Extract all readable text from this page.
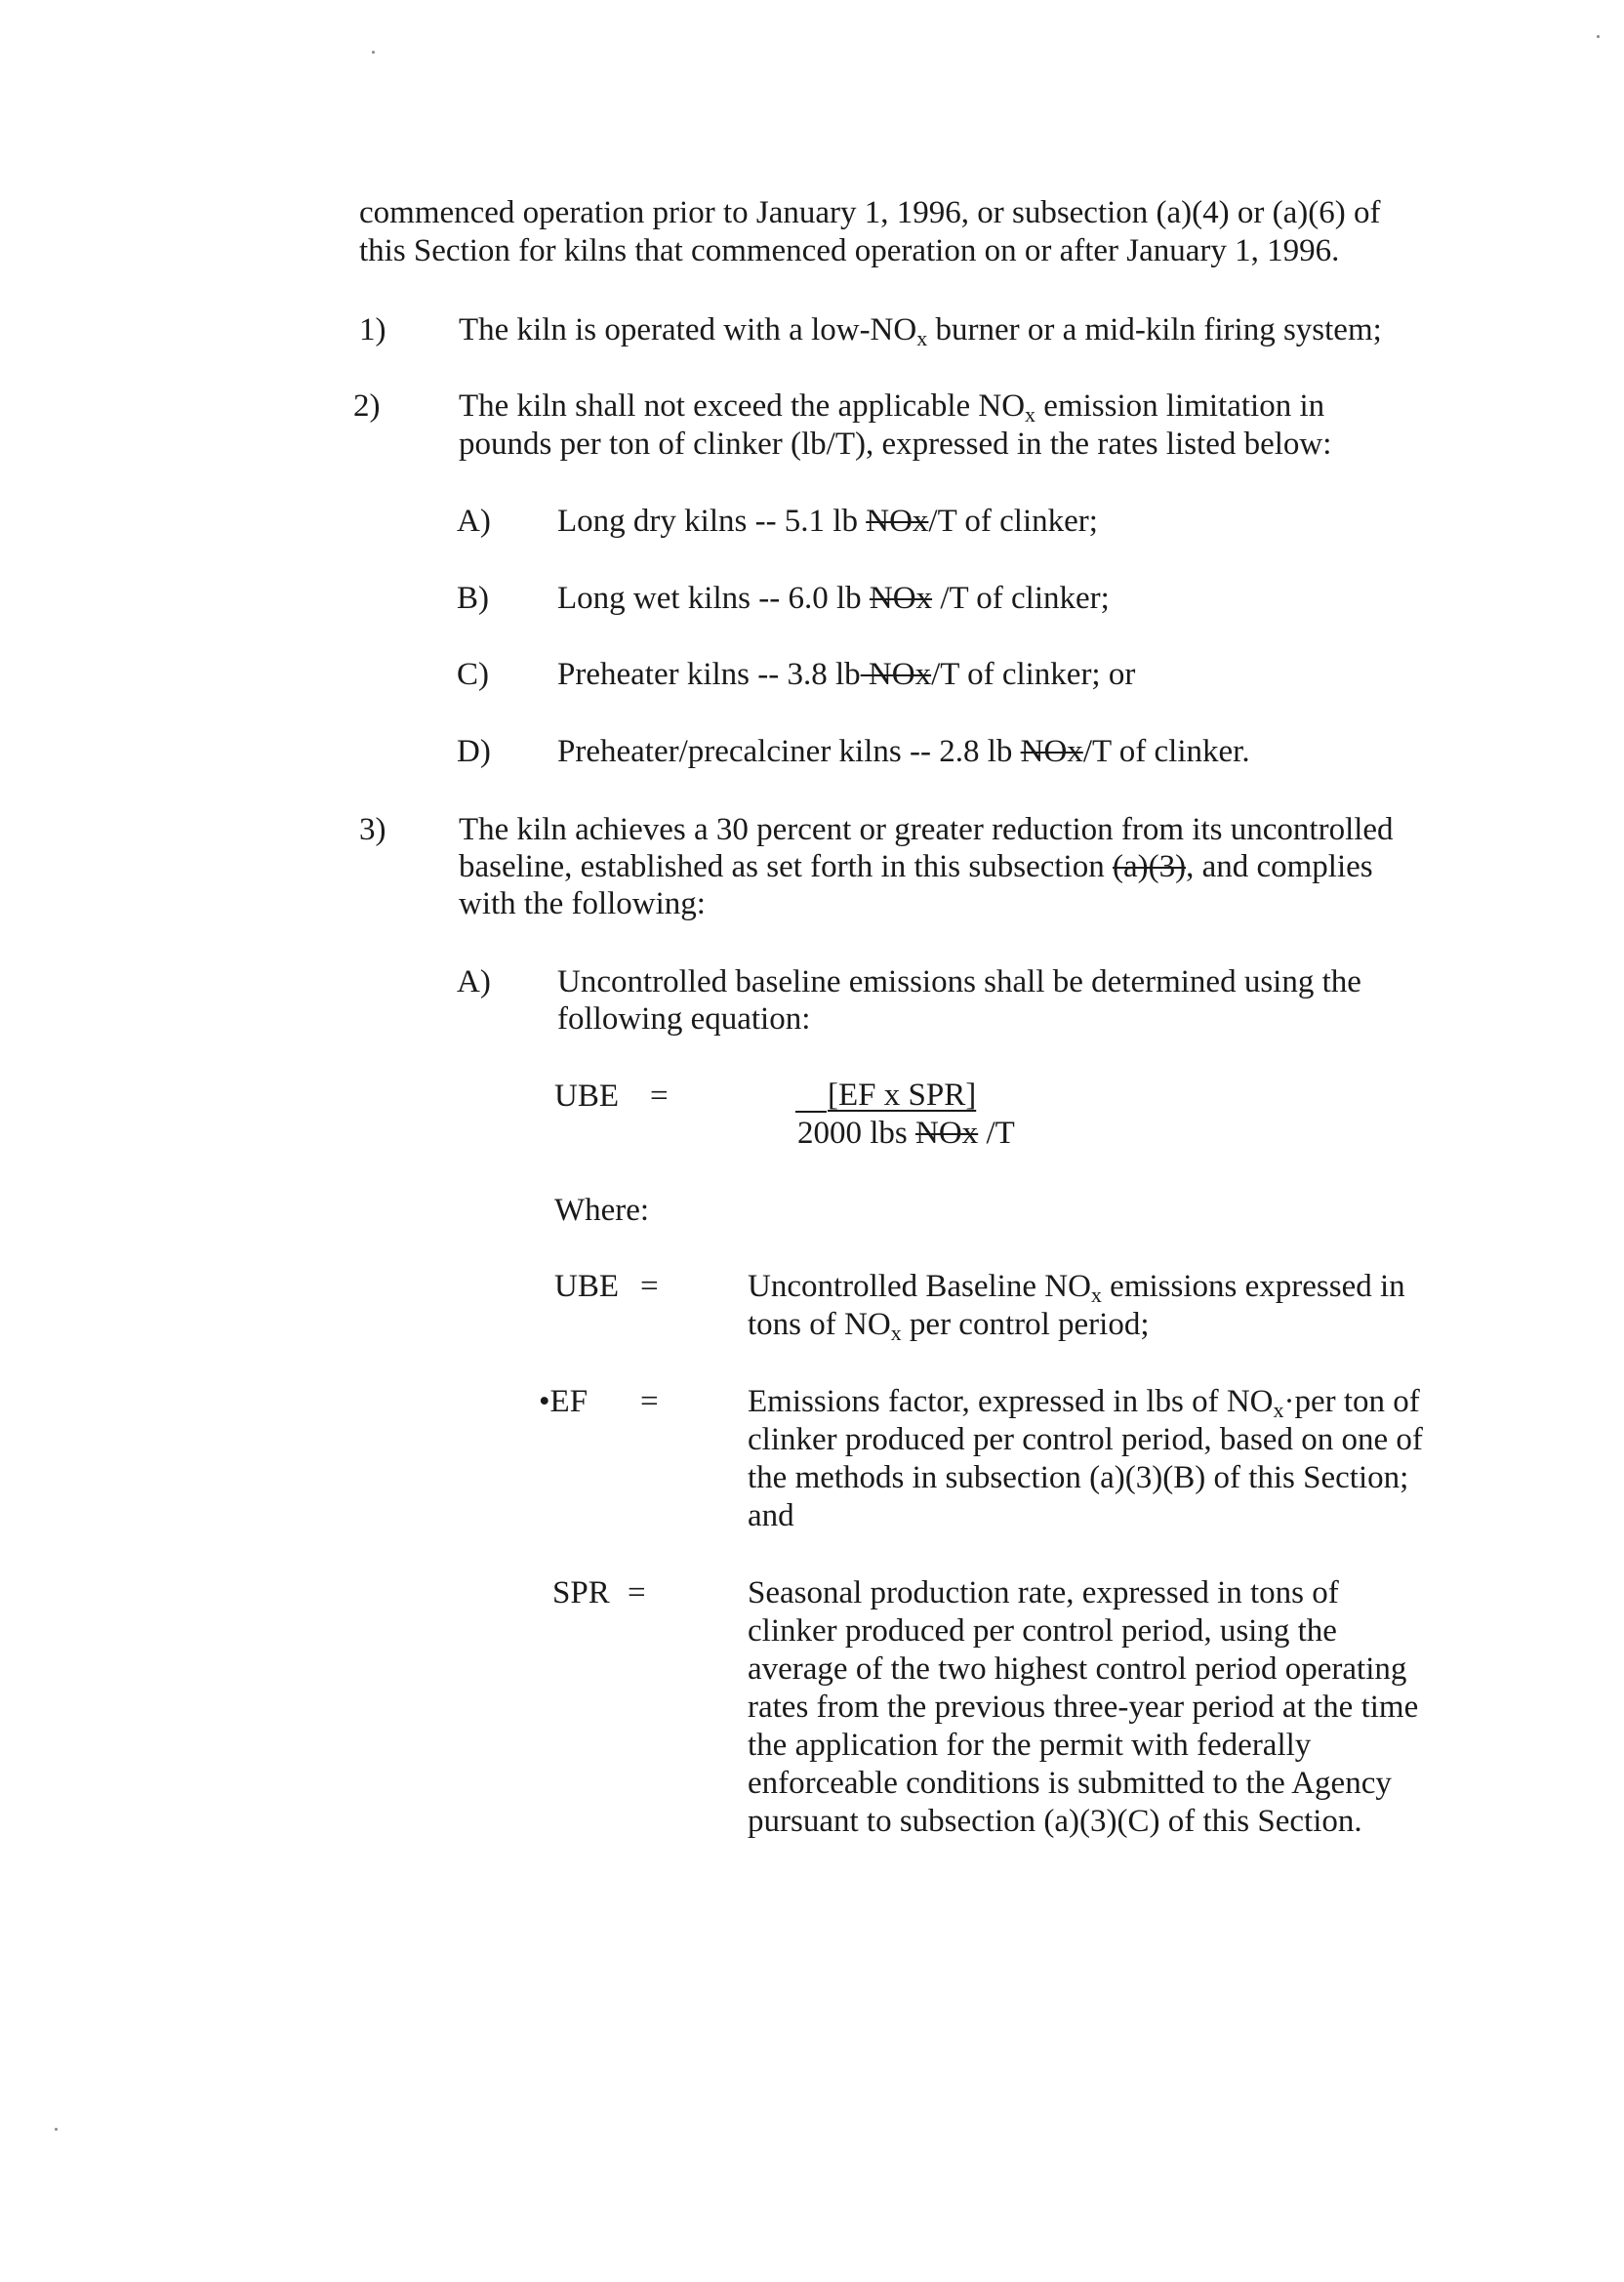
commenced operation prior to January 1, 1996, or subsection (a)(4) or (a)(6) of
this Section for kilns that commenced operation on or after January 1, 1996.
1) The kiln is operated with a low-$NO_x$ burner or a mid-kiln firing system;
2) The kiln shall not exceed the applicable $NO_x$ emission limitation in
pounds per ton of clinker (lb/T), expressed in the rates listed below:
A) Long dry kilns -- 5.1 lb NOx/T of clinker;
B) Long wet kilns -- 6.0 lb NOx /T of clinker;
C) Preheater kilns -- 3.8 lb NOx/T of clinker; or
D) Preheater/precalciner kilns -- 2.8 lb NOx/T of clinker.
3) The kiln achieves a 30 percent or greater reduction from its uncontrolled
baseline, established as set forth in this subsection (a)(3), and complies
with the following:
A) Uncontrolled baseline emissions shall be determined using the
following equation:
UBE =	[EF x SPR]
2000 lbs NOx /T
Where:
UBE =	Uncontrolled Baseline $NO_x$ emissions expressed in
tons of $NO_x$ per control period;
•EF =	Emissions factor, expressed in lbs of $NO_x\cdot per$ ton of
clinker produced per control period, based on one of
the methods in subsection (a)(3)(B) of this Section;
and
SPR =	Seasonal production rate, expressed in tons of
clinker produced per control period, using the
average of the two highest control period operating
rates from the previous three-year period at the time
the application for the permit with federally
enforceable conditions is submitted to the Agency
pursuant to subsection (a)(3)(C) of this Section.
